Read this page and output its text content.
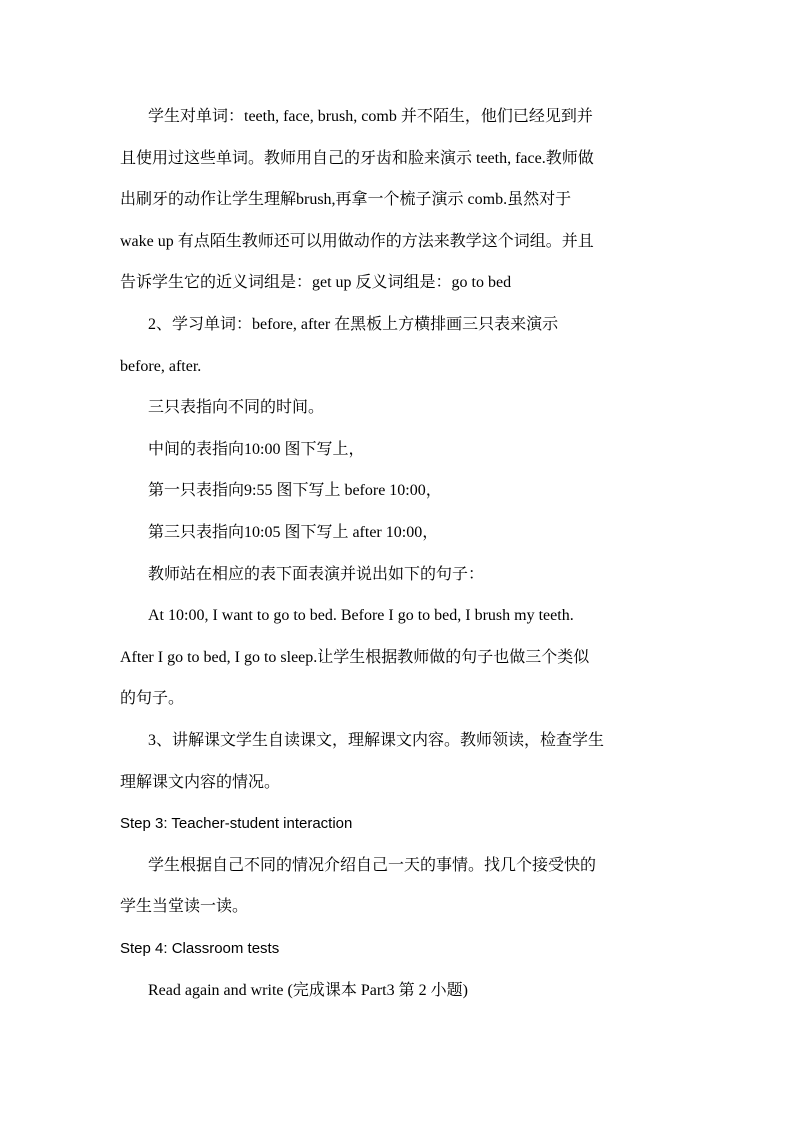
学生对单词：teeth, face, brush, comb 并不陌生，他们已经见到并
且使用过这些单词。教师用自己的牙齿和脸来演示 teeth, face.教师做
出刷牙的动作让学生理解brush,再拿一个梳子演示 comb.虽然对于
wake up 有点陌生教师还可以用做动作的方法来教学这个词组。并且
告诉学生它的近义词组是：get up 反义词组是：go to bed
2、学习单词：before, after 在黑板上方横排画三只表来演示
before, after.
三只表指向不同的时间。
中间的表指向10:00 图下写上，
第一只表指向9:55 图下写上 before 10:00，
第三只表指向10:05 图下写上 after 10:00，
教师站在相应的表下面表演并说出如下的句子：
At 10:00, I want to go to bed. Before I go to bed, I brush my teeth.
After I go to bed, I go to sleep.让学生根据教师做的句子也做三个类似
的句子。
3、讲解课文学生自读课文，理解课文内容。教师领读，检查学生
理解课文内容的情况。
Step 3: Teacher-student interaction
学生根据自己不同的情况介绍自己一天的事情。找几个接受快的
学生当堂读一读。
Step 4: Classroom tests
Read again and write (完成课本 Part3 第 2 小题)
